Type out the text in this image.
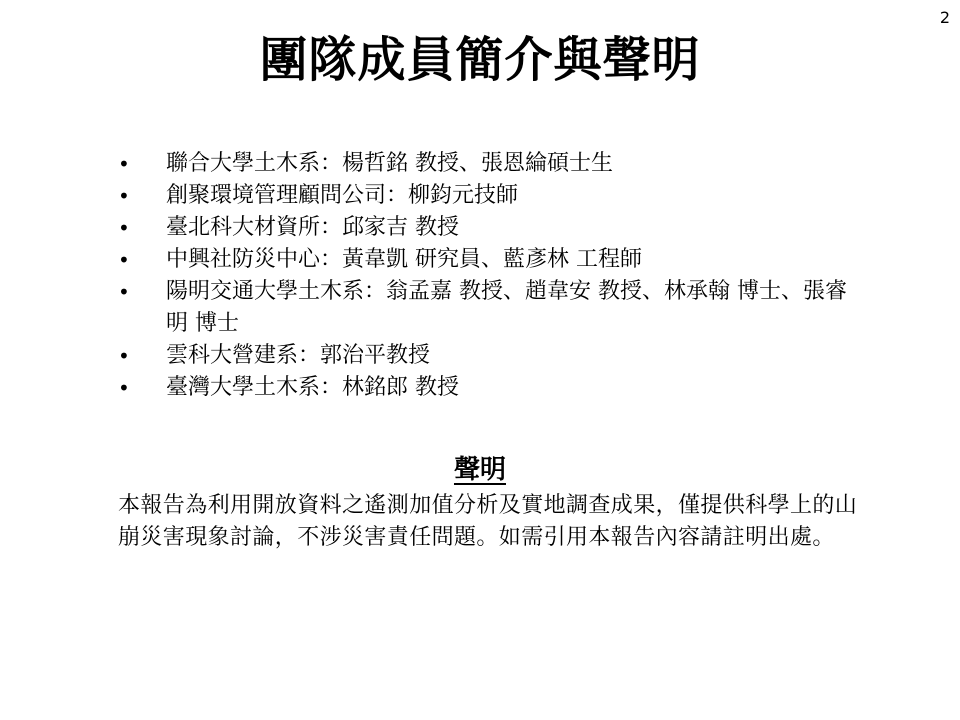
2
團隊成員簡介與聲明
•	聯合大學土木系：楊哲銘 教授、張恩綸碩士生
•	創聚環境管理顧問公司：柳鈞元技師
•	臺北科大材資所：邱家吉 教授
•	中興社防災中心：黃韋凱 研究員、藍彥林 工程師
•	陽明交通大學土木系：翁孟嘉 教授、趙韋安 教授、林承翰 博士、張睿明 博士
•	雲科大營建系：郭治平教授
•	臺灣大學土木系：林銘郎 教授
聲明
本報告為利用開放資料之遙測加值分析及實地調查成果，僅提供科學上的山崩災害現象討論，不涉災害責任問題。如需引用本報告內容請註明出處。
